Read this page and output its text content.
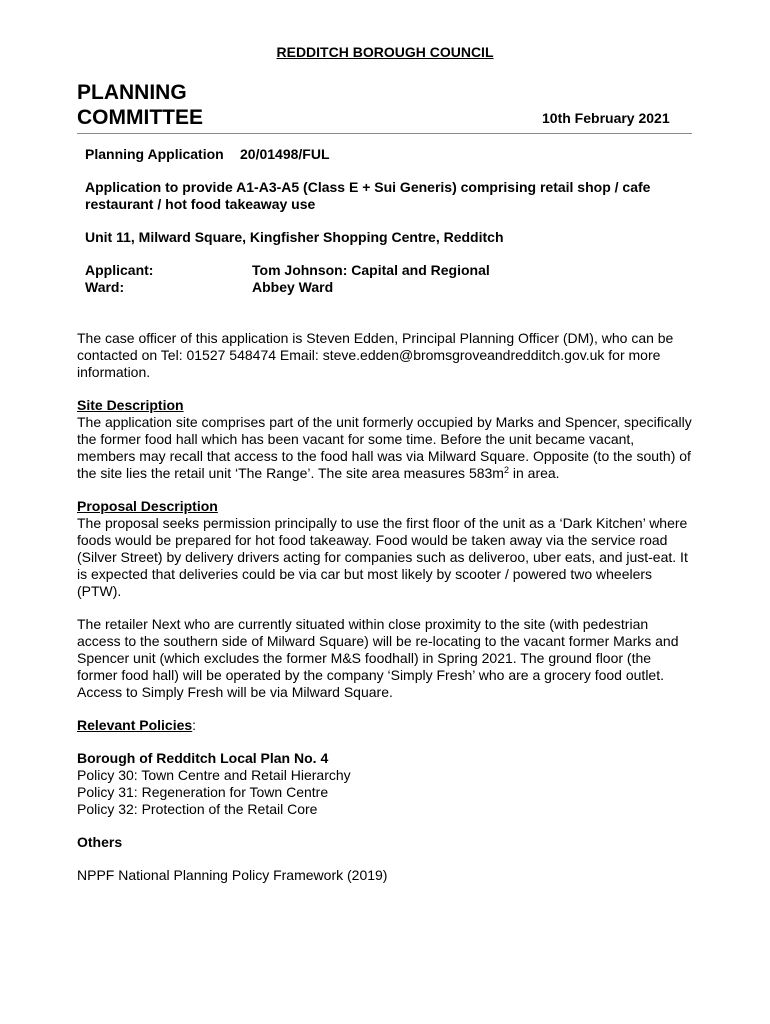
REDDITCH BOROUGH COUNCIL
PLANNING
COMMITTEE	10th February 2021

Planning Application 20/01498/FUL

Application to provide A1-A3-A5 (Class E + Sui Generis) comprising retail shop / cafe restaurant / hot food takeaway use

Unit 11, Milward Square, Kingfisher Shopping Centre, Redditch

Applicant:	Tom Johnson: Capital and Regional
Ward:	Abbey Ward

The case officer of this application is Steven Edden, Principal Planning Officer (DM), who can be contacted on Tel: 01527 548474 Email: steve.edden@bromsgroveandredditch.gov.uk for more information.

Site Description
The application site comprises part of the unit formerly occupied by Marks and Spencer, specifically the former food hall which has been vacant for some time. Before the unit became vacant, members may recall that access to the food hall was via Milward Square. Opposite (to the south) of the site lies the retail unit ‘The Range’. The site area measures $583m^2$ in area.

Proposal Description
The proposal seeks permission principally to use the first floor of the unit as a ‘Dark Kitchen’ where foods would be prepared for hot food takeaway. Food would be taken away via the service road (Silver Street) by delivery drivers acting for companies such as deliveroo, uber eats, and just-eat. It is expected that deliveries could be via car but most likely by scooter / powered two wheelers (PTW).

The retailer Next who are currently situated within close proximity to the site (with pedestrian access to the southern side of Milward Square) will be re-locating to the vacant former Marks and Spencer unit (which excludes the former M&S foodhall) in Spring 2021. The ground floor (the former food hall) will be operated by the company ‘Simply Fresh’ who are a grocery food outlet. Access to Simply Fresh will be via Milward Square.

Relevant Policies:

Borough of Redditch Local Plan No. 4
Policy 30: Town Centre and Retail Hierarchy
Policy 31: Regeneration for Town Centre
Policy 32: Protection of the Retail Core

Others

NPPF National Planning Policy Framework (2019)
